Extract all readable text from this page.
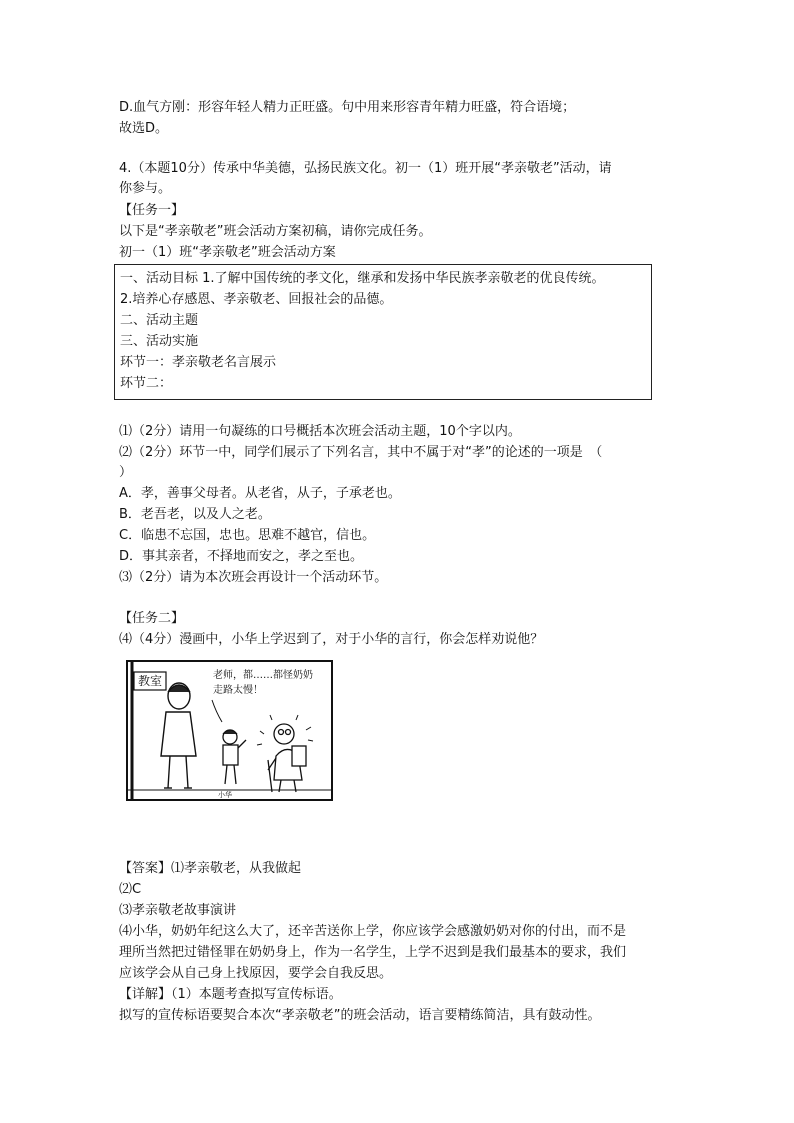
D.血气方刚：形容年轻人精力正旺盛。句中用来形容青年精力旺盛，符合语境；
故选D。
4.（本题10分）传承中华美德，弘扬民族文化。初一（1）班开展“孝亲敬老”活动，请
你参与。
【任务一】
以下是“孝亲敬老”班会活动方案初稿，请你完成任务。
初一（1）班“孝亲敬老”班会活动方案
一、活动目标 1.了解中国传统的孝文化，继承和发扬中华民族孝亲敬老的优良传统。
2.培养心存感恩、孝亲敬老、回报社会的品德。
二、活动主题
三、活动实施
环节一：孝亲敬老名言展示
环节二：
⑴（2分）请用一句凝练的口号概括本次班会活动主题，10个字以内。
⑵（2分）环节一中，同学们展示了下列名言，其中不属于对“孝”的论述的一项是　（
）
A．孝，善事父母者。从老省，从子，子承老也。
B．老吾老，以及人之老。
C．临患不忘国，忠也。思难不越官，信也。
D．事其亲者，不择地而安之，孝之至也。
⑶（2分）请为本次班会再设计一个活动环节。
【任务二】
⑷（4分）漫画中，小华上学迟到了，对于小华的言行，你会怎样劝说他？
教室	老师，都……都怪奶奶
走路太慢！
小华
【答案】⑴孝亲敬老，从我做起
⑵C
⑶孝亲敬老故事演讲
⑷小华，奶奶年纪这么大了，还辛苦送你上学，你应该学会感激奶奶对你的付出，而不是
理所当然把过错怪罪在奶奶身上，作为一名学生，上学不迟到是我们最基本的要求，我们
应该学会从自己身上找原因，要学会自我反思。
【详解】（1）本题考查拟写宣传标语。
拟写的宣传标语要契合本次“孝亲敬老”的班会活动，语言要精练简洁，具有鼓动性。
